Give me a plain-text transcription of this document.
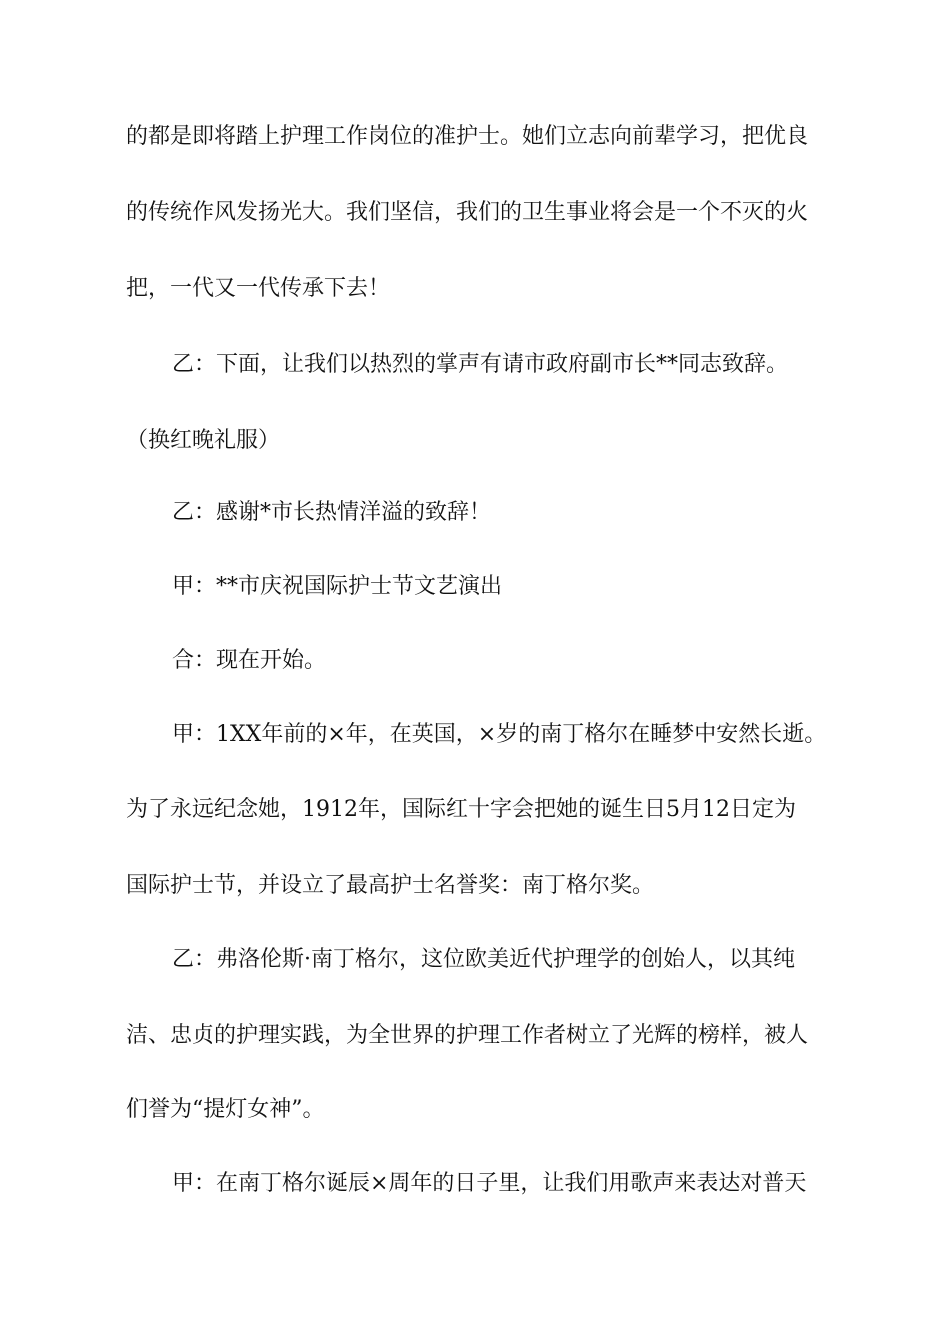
的都是即将踏上护理工作岗位的准护士。她们立志向前辈学习，把优良
的传统作风发扬光大。我们坚信，我们的卫生事业将会是一个不灭的火
把，一代又一代传承下去！
乙：下面，让我们以热烈的掌声有请市政府副市长**同志致辞。
（换红晚礼服）
乙：感谢*市长热情洋溢的致辞！
甲：**市庆祝国际护士节文艺演出
合：现在开始。
甲：1XX年前的×年，在英国，×岁的南丁格尔在睡梦中安然长逝。
为了永远纪念她，1912年，国际红十字会把她的诞生日5月12日定为
国际护士节，并设立了最高护士名誉奖：南丁格尔奖。
乙：弗洛伦斯·南丁格尔，这位欧美近代护理学的创始人，以其纯
洁、忠贞的护理实践，为全世界的护理工作者树立了光辉的榜样，被人
们誉为“提灯女神”。
甲：在南丁格尔诞辰×周年的日子里，让我们用歌声来表达对普天
